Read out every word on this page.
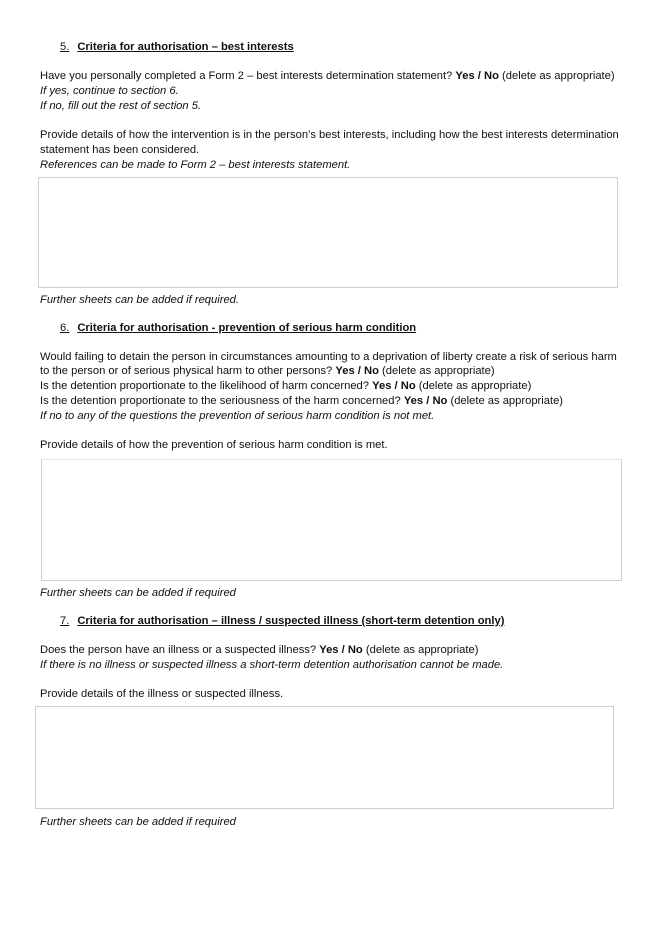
5. Criteria for authorisation – best interests
Have you personally completed a Form 2 – best interests determination statement? Yes / No (delete as appropriate)
If yes, continue to section 6.
If no, fill out the rest of section 5.
Provide details of how the intervention is in the person’s best interests, including how the best interests determination
statement has been considered.
References can be made to Form 2 – best interests statement.
Further sheets can be added if required.
6. Criteria for authorisation - prevention of serious harm condition
Would failing to detain the person in circumstances amounting to a deprivation of liberty create a risk of serious harm
to the person or of serious physical harm to other persons? Yes / No (delete as appropriate)
Is the detention proportionate to the likelihood of harm concerned? Yes / No (delete as appropriate)
Is the detention proportionate to the seriousness of the harm concerned? Yes / No (delete as appropriate)
If no to any of the questions the prevention of serious harm condition is not met.
Provide details of how the prevention of serious harm condition is met.
Further sheets can be added if required
7. Criteria for authorisation – illness / suspected illness (short-term detention only)
Does the person have an illness or a suspected illness? Yes / No (delete as appropriate)
If there is no illness or suspected illness a short-term detention authorisation cannot be made.
Provide details of the illness or suspected illness.
Further sheets can be added if required
